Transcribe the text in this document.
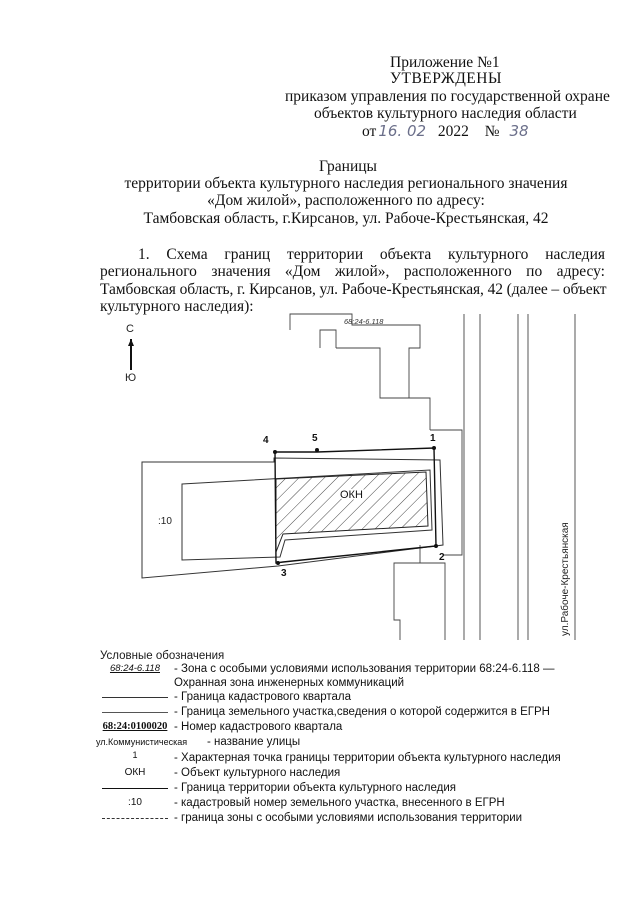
Приложение №1
УТВЕРЖДЕНЫ
приказом управления по государственной охране
объектов культурного наследия области
от 16. 02 2022 № 38
Границы
территории объекта культурного наследия регионального значения
«Дом жилой», расположенного по адресу:
Тамбовская область, г.Кирсанов, ул. Рабоче-Крестьянская, 42
1. Схема границ территории объекта культурного наследия
регионального значения «Дом жилой», расположенного по адресу:
Тамбовская область, г. Кирсанов, ул. Рабоче-Крестьянская, 42 (далее – объект
культурного наследия):
68:24-6.118
ОКН
4	5	1
2
3
:10
ул.Рабоче-Крестьянская
С
Ю
Условные обозначения
68:24-6.118	- Зона с особыми условиями использования территории 68:24-6.118 — Охранная зона инженерных коммуникаций
- Граница кадастрового квартала
- Граница земельного участка,сведения о которой содержится в ЕГРН
68:24:0100020 - Номер кадастрового квартала
ул.Коммунистическая	- название улицы
1	- Характерная точка границы территории объекта культурного наследия
ОКН	- Объект культурного наследия
- Граница территории объекта культурного наследия
:10	- кадастровый номер земельного участка, внесенного в ЕГРН
- граница зоны с особыми условиями использования территории
